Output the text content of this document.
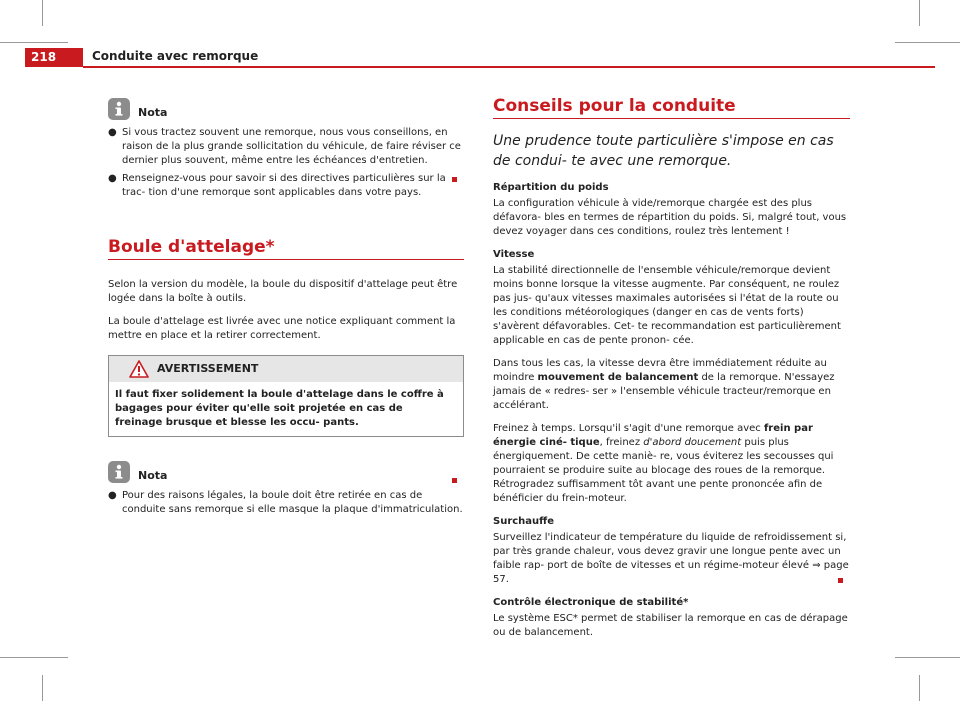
218	Conduite avec remorque
Nota
● Si vous tractez souvent une remorque, nous vous conseillons, en raison de la plus grande sollicitation du véhicule, de faire réviser ce dernier plus souvent, même entre les échéances d'entretien.
● Renseignez-vous pour savoir si des directives particulières sur la trac- tion d'une remorque sont applicables dans votre pays.
Boule d'attelage*

Selon la version du modèle, la boule du dispositif d'attelage peut être logée dans la boîte à outils.

La boule d'attelage est livrée avec une notice expliquant comment la mettre en place et la retirer correctement.

AVERTISSEMENT
Il faut fixer solidement la boule d'attelage dans le coffre à bagages pour éviter qu'elle soit projetée en cas de freinage brusque et blesse les occu- pants.
Nota
● Pour des raisons légales, la boule doit être retirée en cas de conduite sans remorque si elle masque la plaque d'immatriculation.
Conseils pour la conduite

Une prudence toute particulière s'impose en cas de condui- te avec une remorque.

Répartition du poids

La configuration véhicule à vide/remorque chargée est des plus défavora- bles en termes de répartition du poids. Si, malgré tout, vous devez voyager dans ces conditions, roulez très lentement !

Vitesse

La stabilité directionnelle de l'ensemble véhicule/remorque devient moins bonne lorsque la vitesse augmente. Par conséquent, ne roulez pas jus- qu'aux vitesses maximales autorisées si l'état de la route ou les conditions météorologiques (danger en cas de vents forts) s'avèrent défavorables. Cet- te recommandation est particulièrement applicable en cas de pente pronon- cée.

Dans tous les cas, la vitesse devra être immédiatement réduite au moindre mouvement de balancement de la remorque. N'essayez jamais de « redres- ser » l'ensemble véhicule tracteur/remorque en accélérant.

Freinez à temps. Lorsqu'il s'agit d'une remorque avec frein par énergie ciné- tique, freinez d'abord doucement puis plus énergiquement. De cette maniè- re, vous éviterez les secousses qui pourraient se produire suite au blocage des roues de la remorque. Rétrogradez suffisamment tôt avant une pente prononcée afin de bénéficier du frein-moteur.

Surchauffe

Surveillez l'indicateur de température du liquide de refroidissement si, par très grande chaleur, vous devez gravir une longue pente avec un faible rap- port de boîte de vitesses et un régime-moteur élevé ⇒ page 57.

Contrôle électronique de stabilité*

Le système ESC* permet de stabiliser la remorque en cas de dérapage ou de balancement.
